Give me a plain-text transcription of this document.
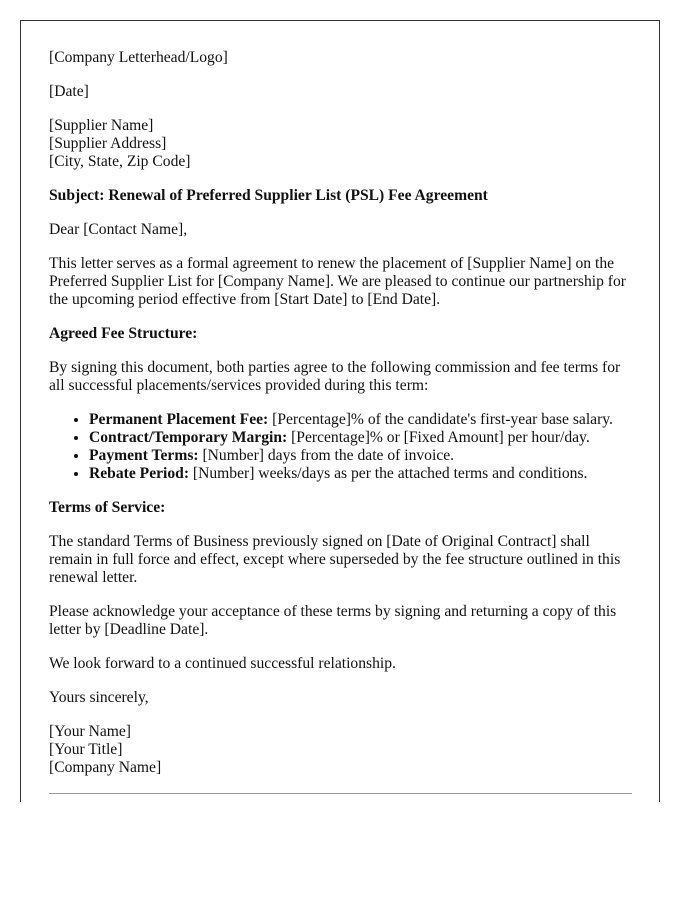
[Company Letterhead/Logo]

[Date]

[Supplier Name]
[Supplier Address]
[City, State, Zip Code]

Subject: Renewal of Preferred Supplier List (PSL) Fee Agreement

Dear [Contact Name],

This letter serves as a formal agreement to renew the placement of [Supplier Name] on the Preferred Supplier List for [Company Name]. We are pleased to continue our partnership for the upcoming period effective from [Start Date] to [End Date].

Agreed Fee Structure:

By signing this document, both parties agree to the following commission and fee terms for all successful placements/services provided during this term:

• Permanent Placement Fee: [Percentage]% of the candidate's first-year base salary.
• Contract/Temporary Margin: [Percentage]% or [Fixed Amount] per hour/day.
• Payment Terms: [Number] days from the date of invoice.
• Rebate Period: [Number] weeks/days as per the attached terms and conditions.

Terms of Service:

The standard Terms of Business previously signed on [Date of Original Contract] shall remain in full force and effect, except where superseded by the fee structure outlined in this renewal letter.

Please acknowledge your acceptance of these terms by signing and returning a copy of this letter by [Deadline Date].

We look forward to a continued successful relationship.

Yours sincerely,

[Your Name]
[Your Title]
[Company Name]
